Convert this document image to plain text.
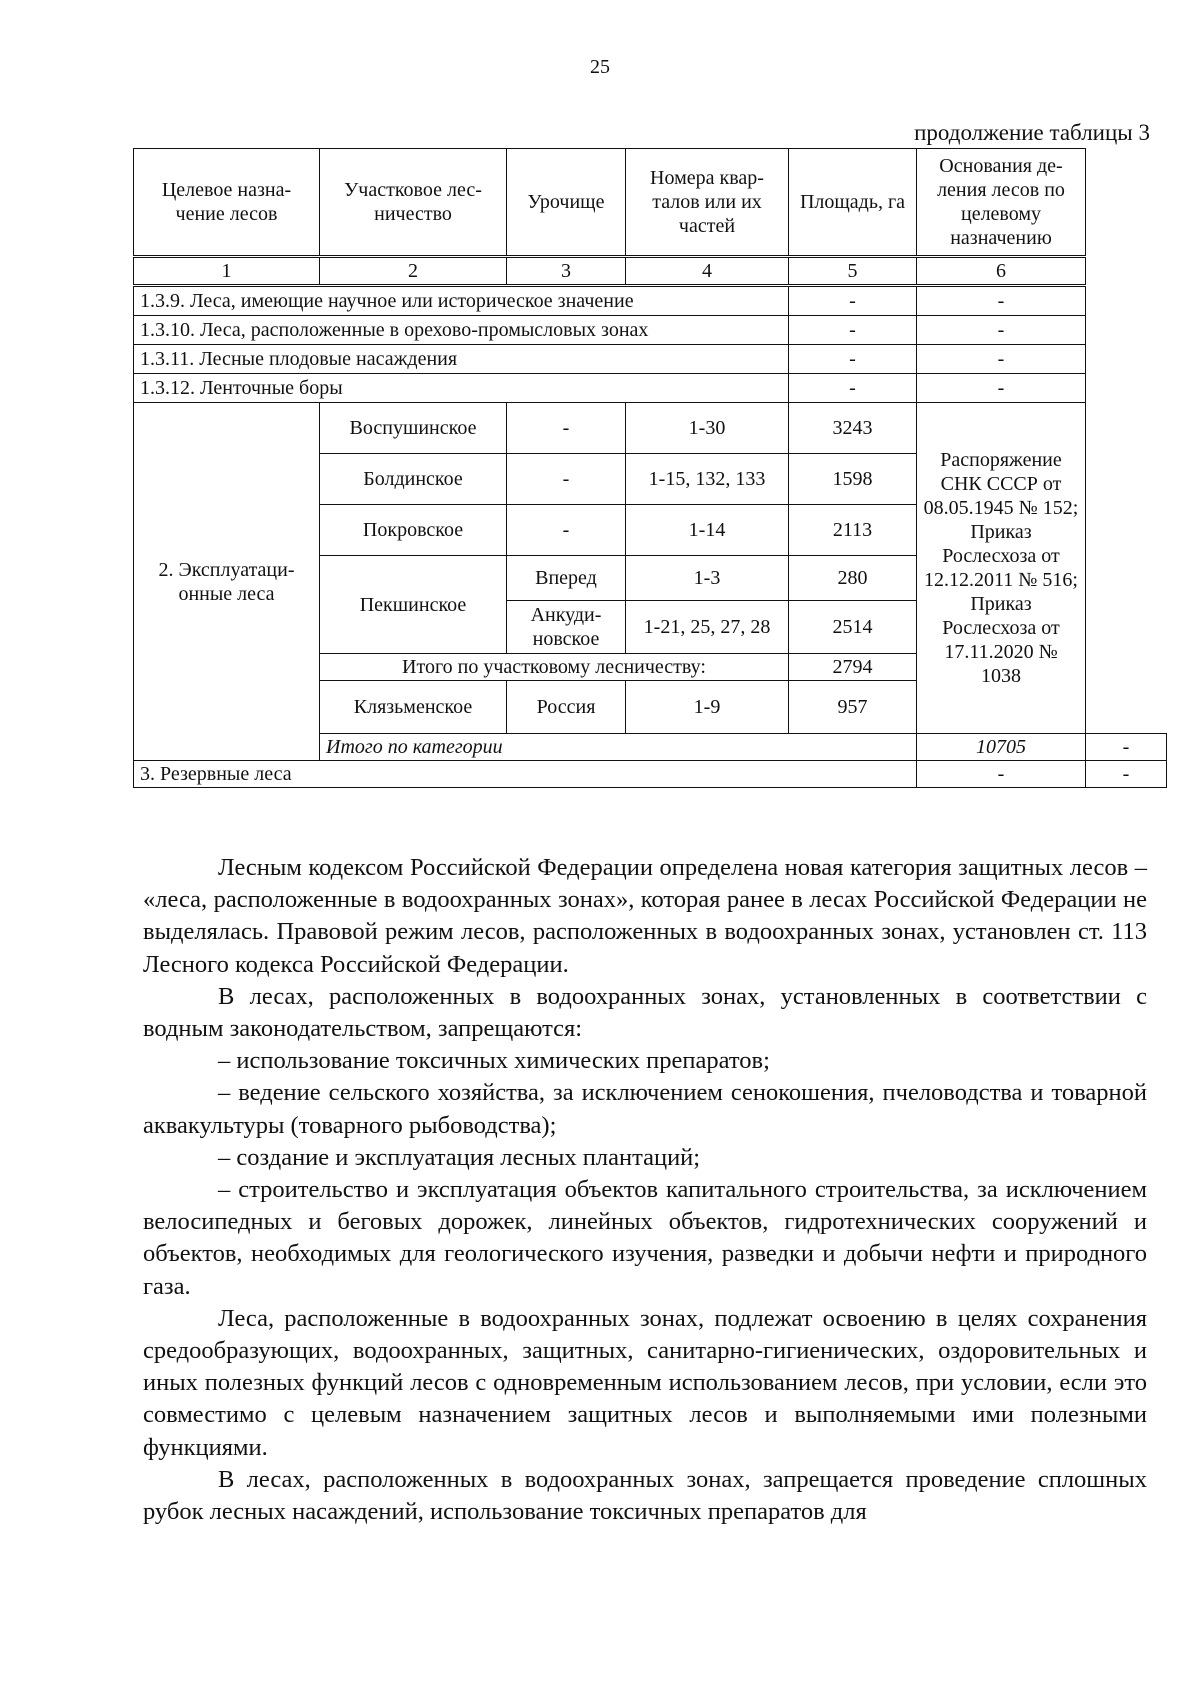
25
продолжение таблицы 3
Целевое назна-чение лесов	Участковое лес-ничество	Урочище	Номера квар-талов или их частей	Площадь, га	Основания де-ления лесов по целевому назначению	
1	2	3	4	5	6	
1.3.9. Леса, имеющие научное или историческое значение				-	-	
1.3.10. Леса, расположенные в орехово-промысловых зонах				-	-	
1.3.11. Лесные плодовые насаждения				-	-	
1.3.12. Ленточные боры				-	-	
2. Эксплуатаци-онные леса	Воспушинское	-	1-30	3243	Распоряжение СНК СССР от 08.05.1945 № 152; Приказ Рослесхоза от 12.12.2011 № 516; Приказ Рослесхоза от 17.11.2020 № 1038	
	Болдинское	-	1-15, 132, 133	1598		
	Покровское	-	1-14	2113		
	Пекшинское	Вперед	1-3	280		
		Анкуди-новское	1-21, 25, 27, 28	2514		
	Итого по участковому лесничеству:			2794		
	Клязьменское	Россия	1-9	957		
	Итого по категории				10705	-
3. Резервные леса					-	-

Лесным кодексом Российской Федерации определена новая категория защитных лесов – «леса, расположенные в водоохранных зонах», которая ранее в лесах Российской Федерации не выделялась. Правовой режим лесов, расположенных в водоохранных зонах, установлен ст. 113 Лесного кодекса Российской Федерации.

В лесах, расположенных в водоохранных зонах, установленных в соответствии с водным законодательством, запрещаются:

– использование токсичных химических препаратов;

– ведение сельского хозяйства, за исключением сенокошения, пчеловодства и товарной аквакультуры (товарного рыбоводства);

– создание и эксплуатация лесных плантаций;

– строительство и эксплуатация объектов капитального строительства, за исключением велосипедных и беговых дорожек, линейных объектов, гидротехнических сооружений и объектов, необходимых для геологического изучения, разведки и добычи нефти и природного газа.

Леса, расположенные в водоохранных зонах, подлежат освоению в целях сохранения средообразующих, водоохранных, защитных, санитарно-гигиенических, оздоровительных и иных полезных функций лесов с одновременным использованием лесов, при условии, если это совместимо с целевым назначением защитных лесов и выполняемыми ими полезными функциями.

В лесах, расположенных в водоохранных зонах, запрещается проведение сплошных рубок лесных насаждений, использование токсичных препаратов для
